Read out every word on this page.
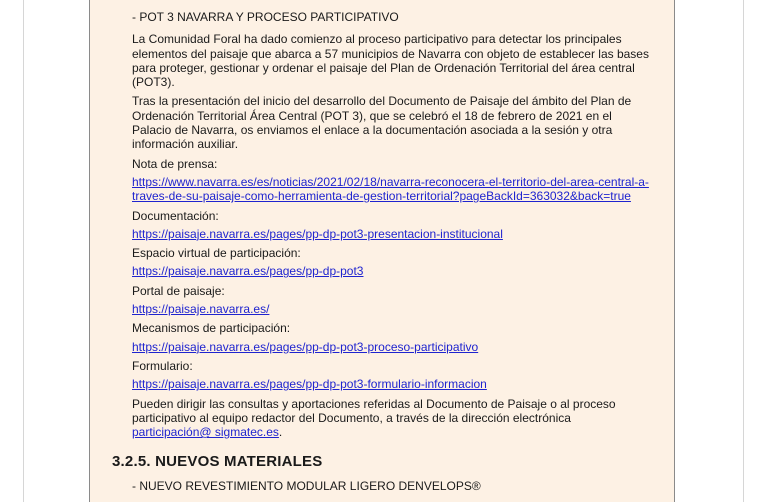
- POT 3 NAVARRA Y PROCESO PARTICIPATIVO

La Comunidad Foral ha dado comienzo al proceso participativo para detectar los principales elementos del paisaje que abarca a 57 municipios de Navarra con objeto de establecer las bases para proteger, gestionar y ordenar el paisaje del Plan de Ordenación Territorial del área central (POT3).

Tras la presentación del inicio del desarrollo del Documento de Paisaje del ámbito del Plan de Ordenación Territorial Área Central (POT 3), que se celebró el 18 de febrero de 2021 en el Palacio de Navarra, os enviamos el enlace a la documentación asociada a la sesión y otra información auxiliar.

Nota de prensa:

https://www.navarra.es/es/noticias/2021/02/18/navarra-reconocera-el-territorio-del-area-central-a-traves-de-su-paisaje-como-herramienta-de-gestion-territorial?pageBackId=363032&back=true

Documentación:

https://paisaje.navarra.es/pages/pp-dp-pot3-presentacion-institucional

Espacio virtual de participación:

https://paisaje.navarra.es/pages/pp-dp-pot3

Portal de paisaje:

https://paisaje.navarra.es/

Mecanismos de participación:

https://paisaje.navarra.es/pages/pp-dp-pot3-proceso-participativo

Formulario:

https://paisaje.navarra.es/pages/pp-dp-pot3-formulario-informacion

Pueden dirigir las consultas y aportaciones referidas al Documento de Paisaje o al proceso participativo al equipo redactor del Documento, a través de la dirección electrónica participación@ sigmatec.es.

3.2.5. NUEVOS MATERIALES
- NUEVO REVESTIMIENTO MODULAR LIGERO DENVELOPS®
